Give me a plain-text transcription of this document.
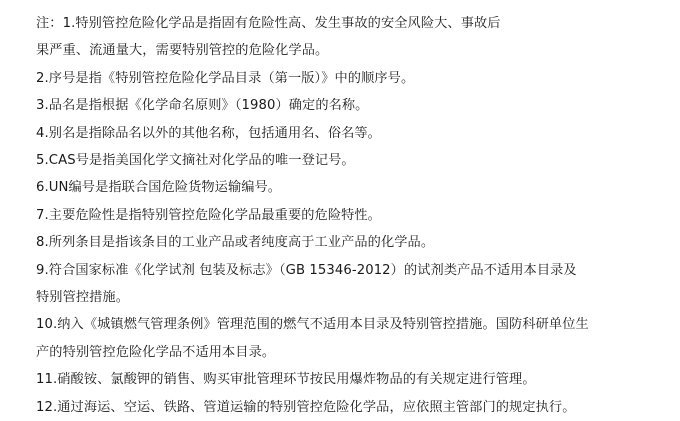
注：1.特别管控危险化学品是指固有危险性高、发生事故的安全风险大、事故后
果严重、流通量大，需要特别管控的危险化学品。
2.序号是指《特别管控危险化学品目录（第一版）》中的顺序号。
3.品名是指根据《化学命名原则》（1980）确定的名称。
4.别名是指除品名以外的其他名称，包括通用名、俗名等。
5.CAS号是指美国化学文摘社对化学品的唯一登记号。
6.UN编号是指联合国危险货物运输编号。
7.主要危险性是指特别管控危险化学品最重要的危险特性。
8.所列条目是指该条目的工业产品或者纯度高于工业产品的化学品。
9.符合国家标准《化学试剂 包装及标志》（GB 15346-2012）的试剂类产品不适用本目录及
特别管控措施。
10.纳入《城镇燃气管理条例》管理范围的燃气不适用本目录及特别管控措施。国防科研单位生
产的特别管控危险化学品不适用本目录。
11.硝酸铵、氯酸钾的销售、购买审批管理环节按民用爆炸物品的有关规定进行管理。
12.通过海运、空运、铁路、管道运输的特别管控危险化学品，应依照主管部门的规定执行。
